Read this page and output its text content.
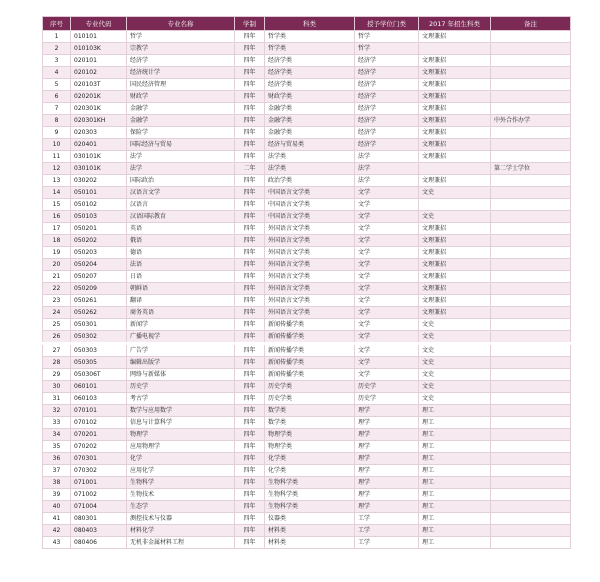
序号	专业代码	专业名称	学制	科类	授予学位门类	2017 年招生科类	备注
1	010101	哲学	四年	哲学类	哲学	文理兼招	
2	010103K	宗教学	四年	哲学类	哲学		
3	020101	经济学	四年	经济学类	经济学	文理兼招	
4	020102	经济统计学	四年	经济学类	经济学	文理兼招	
5	020103T	国民经济管理	四年	经济学类	经济学	文理兼招	
6	020201K	财政学	四年	财政学类	经济学	文理兼招	
7	020301K	金融学	四年	金融学类	经济学	文理兼招	
8	020301KH	金融学	四年	金融学类	经济学	文理兼招	中外合作办学
9	020303	保险学	四年	金融学类	经济学	文理兼招	
10	020401	国际经济与贸易	四年	经济与贸易类	经济学	文理兼招	
11	030101K	法学	四年	法学类	法学	文理兼招	
12	030101K	法学	二年	法学类	法学		第二学士学位
13	030202	国际政治	四年	政治学类	法学	文理兼招	
14	050101	汉语言文学	四年	中国语言文学类	文学	文史	
15	050102	汉语言	四年	中国语言文学类	文学		
16	050103	汉语国际教育	四年	中国语言文学类	文学	文史	
17	050201	英语	四年	外国语言文学类	文学	文理兼招	
18	050202	俄语	四年	外国语言文学类	文学	文理兼招	
19	050203	德语	四年	外国语言文学类	文学	文理兼招	
20	050204	法语	四年	外国语言文学类	文学	文理兼招	
21	050207	日语	四年	外国语言文学类	文学	文理兼招	
22	050209	朝鲜语	四年	外国语言文学类	文学	文理兼招	
23	050261	翻译	四年	外国语言文学类	文学	文理兼招	
24	050262	商务英语	四年	外国语言文学类	文学	文理兼招	
25	050301	新闻学	四年	新闻传播学类	文学	文史	
26	050302	广播电视学	四年	新闻传播学类	文学	文史	
27	050303	广告学	四年	新闻传播学类	文学	文史	
28	050305	编辑出版学	四年	新闻传播学类	文学	文史	
29	050306T	网络与新媒体	四年	新闻传播学类	文学	文史	
30	060101	历史学	四年	历史学类	历史学	文史	
31	060103	考古学	四年	历史学类	历史学	文史	
32	070101	数学与应用数学	四年	数学类	理学	理工	
33	070102	信息与计算科学	四年	数学类	理学	理工	
34	070201	物理学	四年	物理学类	理学	理工	
35	070202	应用物理学	四年	物理学类	理学	理工	
36	070301	化学	四年	化学类	理学	理工	
37	070302	应用化学	四年	化学类	理学	理工	
38	071001	生物科学	四年	生物科学类	理学	理工	
39	071002	生物技术	四年	生物科学类	理学	理工	
40	071004	生态学	四年	生物科学类	理学	理工	
41	080301	测控技术与仪器	四年	仪器类	工学	理工	
42	080403	材料化学	四年	材料类	工学	理工	
43	080406	无机非金属材料工程	四年	材料类	工学	理工	
